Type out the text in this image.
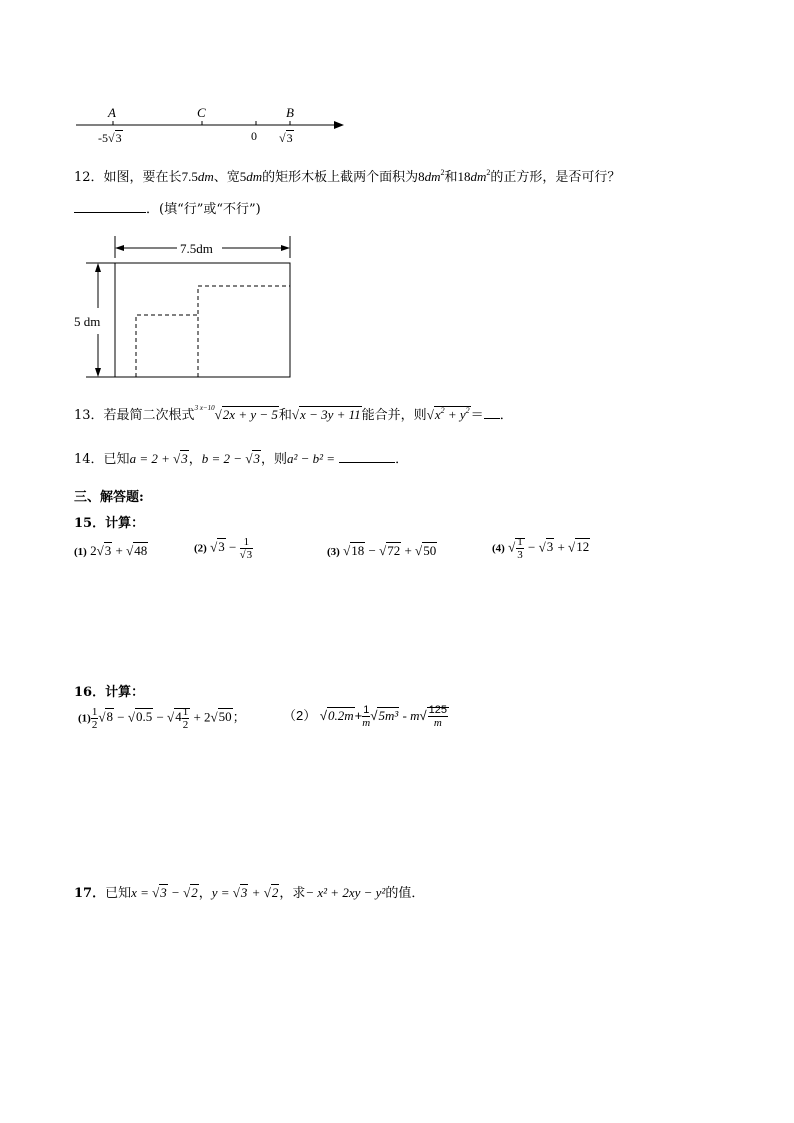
A	C	B
-5√3	0 √3
12．如图，要在长7.5dm、宽5dm的矩形木板上截两个面积为$8dm^2$和$18dm^2$的正方形，是否可行？
．(填“行”或“不行”)
7.5dm
5 dm
13．若最简二次根式$^{3 x-10}$√2x + y − 5和√x − 3y + 11能合并，则$√x^2 + y^2=$ ．
14．已知a = 2 + √3，b = 2 − √3，则a² − b² =	．
三、解答题:
15．计算：
(1) 2√3 + √48	(2) $√3 - \frac{1}{√3}$	(3) √18 − √72 + √50	(4) √ $\frac{1}{3} - √3 + √12$
16．计算：
$(1) \frac{1}{2} √8 - √0.5 - √4 \frac{1}{2} + 2√50$；	（2） $√0.2m+ \frac{1}{m} √5m^3 - m√ \frac{125}{m}$
17．已知x = √3 − √2，y = √3 + √2，求− x² + 2xy − y²的值．
